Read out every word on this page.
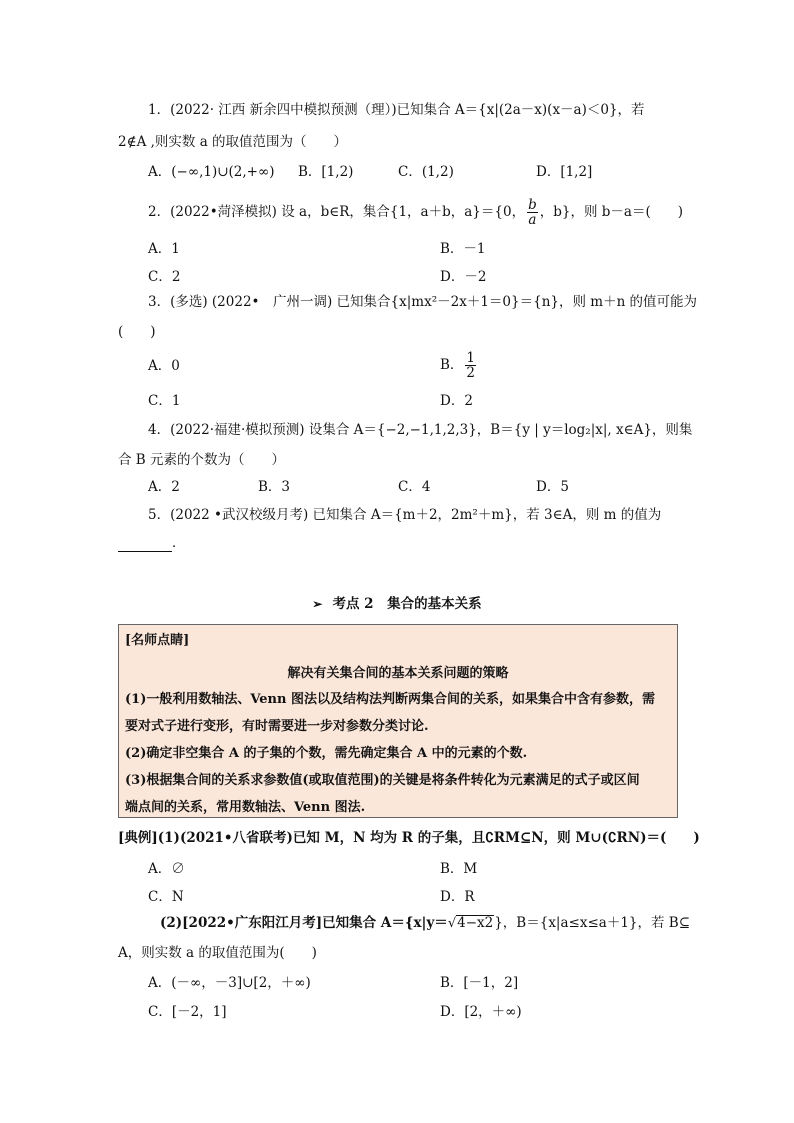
1．(2022· 江西 新余四中模拟预测（理）)已知集合 A＝{x|(2a－x)(x－a)＜0}，若
2∉A ,则实数 a 的取值范围为（　　）
A．(−∞,1)∪(2,+∞) B．[1,2)	C．(1,2)	D．[1,2]
2．(2022•菏泽模拟) 设 a，b∈R，集合{1，a＋b，a}＝{0， $\frac{b}{a}$ ，b}，则 b－a＝(　　)
A．1	B．－1
C．2	D．－2
3．(多选) (2022•　广州一调) 已知集合{x|mx²－2x＋1＝0}＝{n}，则 m＋n 的值可能为
(　　)
A．0	B． $\frac{1}{2}$
C．1	D．2
4．(2022·福建·模拟预测) 设集合 A＝{−2,−1,1,2,3}，B＝{y | y＝log₂|x|, x∈A}，则集
合 B 元素的个数为（　　）
A．2	B．3	C．4	D．5
5．(2022 •武汉校级月考) 已知集合 A＝{m＋2，2m²＋m}，若 3∈A，则 m 的值为
．
➢ 考点 2　集合的基本关系
[名师点睛]
解决有关集合间的基本关系问题的策略
(1)一般利用数轴法、Venn 图法以及结构法判断两集合间的关系，如果集合中含有参数，需
要对式子进行变形，有时需要进一步对参数分类讨论.
(2)确定非空集合 A 的子集的个数，需先确定集合 A 中的元素的个数.
(3)根据集合间的关系求参数值(或取值范围)的关键是将条件转化为元素满足的式子或区间
端点间的关系，常用数轴法、Venn 图法.
[典例](1)(2021•八省联考)已知 M，N 均为 R 的子集，且∁RM⊆N，则 M∪(∁RN)＝(　　)
A．∅	B．M
C．N	D．R
(2)[2022•广东阳江月考]已知集合 A＝{x|y＝√4−x2}，B＝{x|a≤x≤a＋1}，若 B⊆
A，则实数 a 的取值范围为(　　)
A．(－∞，－3]∪[2，＋∞)	B．[－1，2]
C．[－2，1]	D．[2，＋∞)
